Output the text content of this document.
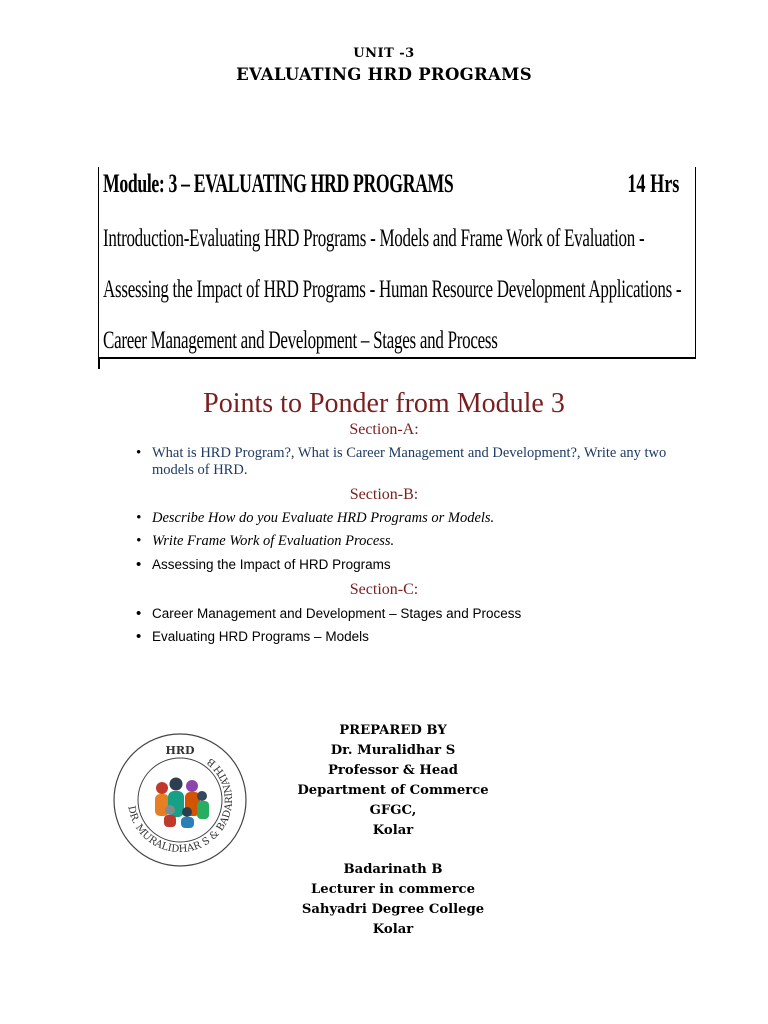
UNIT -3
EVALUATING HRD PROGRAMS
Module: 3 – EVALUATING HRD PROGRAMS	14 Hrs
Introduction-Evaluating HRD Programs - Models and Frame Work of Evaluation - Assessing the Impact of HRD Programs - Human Resource Development Applications - Career Management and Development – Stages and Process
Points to Ponder from Module 3
Section-A:
• What is HRD Program?, What is Career Management and Development?, Write any two models of HRD.
Section-B:
• Describe How do you Evaluate HRD Programs or Models.
• Write Frame Work of Evaluation Process.
• Assessing the Impact of HRD Programs
Section-C:
• Career Management and Development – Stages and Process
• Evaluating HRD Programs – Models
DR. MURALIDHAR S & BADARINATH B
HRD
PREPARED BY
Dr. Muralidhar S
Professor & Head
Department of Commerce
GFGC,
Kolar
Badarinath B
Lecturer in commerce
Sahyadri Degree College
Kolar
